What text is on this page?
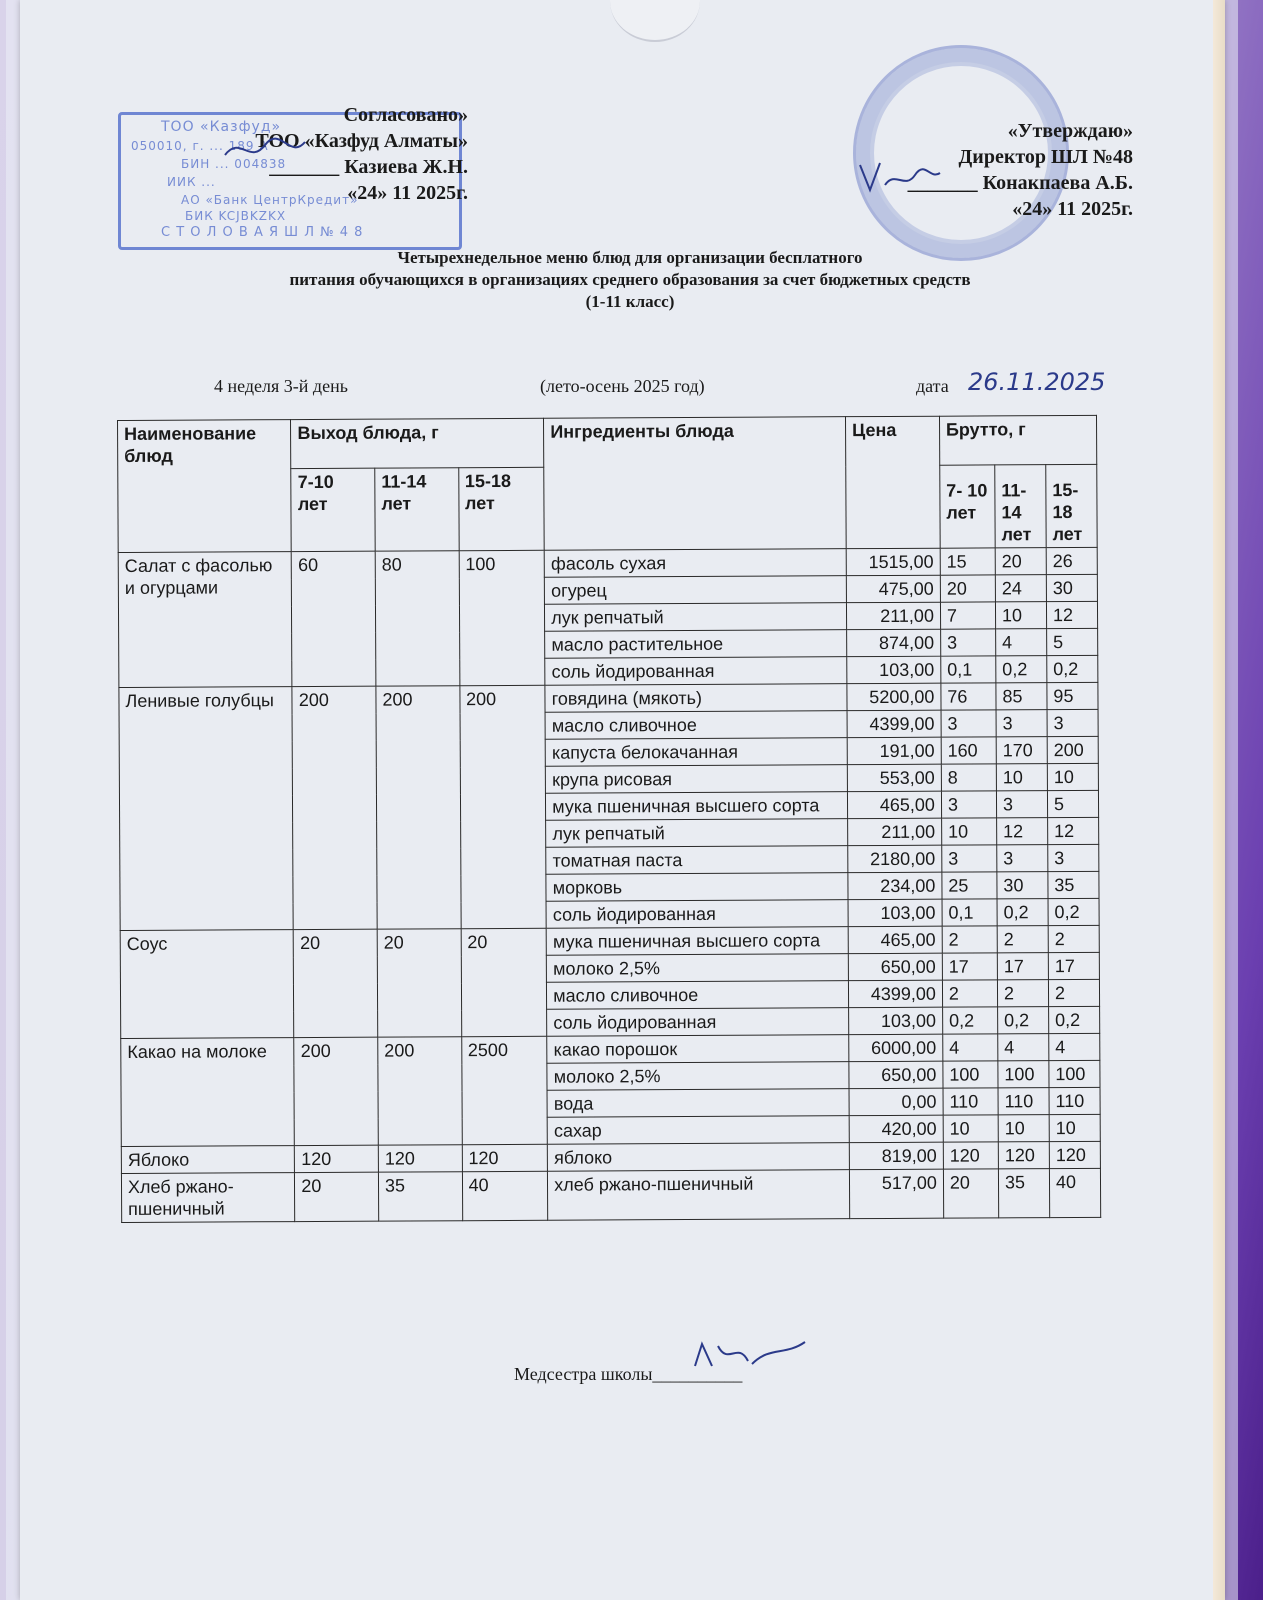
ТОО «Казфуд»
050010, г. ... 189 А
БИН ... 004838
ИИК ...
АО «Банк ЦентрКредит»
БИК KCJBKZKX
С Т О Л О В А Я Ш Л № 4 8
Согласовано»
ТОО «Казфуд Алматы»
_______ Казиева Ж.Н.
«24» 11 2025г.
«Утверждаю»
Директор ШЛ №48
_______ Конакпаева А.Б.
«24» 11 2025г.
Четырехнедельное меню блюд для организации бесплатного
питания обучающихся в организациях среднего образования за счет бюджетных средств
(1-11 класс)
4 неделя 3-й день	(лето-осень 2025 год)	дата 26.11.2025
Наименование блюд	Выход блюда, г			Ингредиенты блюда	Цена	Брутто, г		
	7-10 лет	11-14 лет	15-18 лет			7- 10 лет	11- 14 лет	15- 18 лет
Салат с фасолью и огурцами	60	80	100	фасоль сухая	1515,00	15	20	26
				огурец	475,00	20	24	30
				лук репчатый	211,00	7	10	12
				масло растительное	874,00	3	4	5
				соль йодированная	103,00	0,1	0,2	0,2
Ленивые голубцы	200	200	200	говядина (мякоть)	5200,00	76	85	95
				масло сливочное	4399,00	3	3	3
				капуста белокачанная	191,00	160	170	200
				крупа рисовая	553,00	8	10	10
				мука пшеничная высшего сорта	465,00	3	3	5
				лук репчатый	211,00	10	12	12
				томатная паста	2180,00	3	3	3
				морковь	234,00	25	30	35
				соль йодированная	103,00	0,1	0,2	0,2
Соус	20	20	20	мука пшеничная высшего сорта	465,00	2	2	2
				молоко 2,5%	650,00	17	17	17
				масло сливочное	4399,00	2	2	2
				соль йодированная	103,00	0,2	0,2	0,2
Какао на молоке	200	200	2500	какао порошок	6000,00	4	4	4
				молоко 2,5%	650,00	100	100	100
				вода	0,00	110	110	110
				сахар	420,00	10	10	10
Яблоко	120	120	120	яблоко	819,00	120	120	120
Хлеб ржано-пшеничный	20	35	40	хлеб ржано-пшеничный	517,00	20	35	40
Медсестра школы__________
